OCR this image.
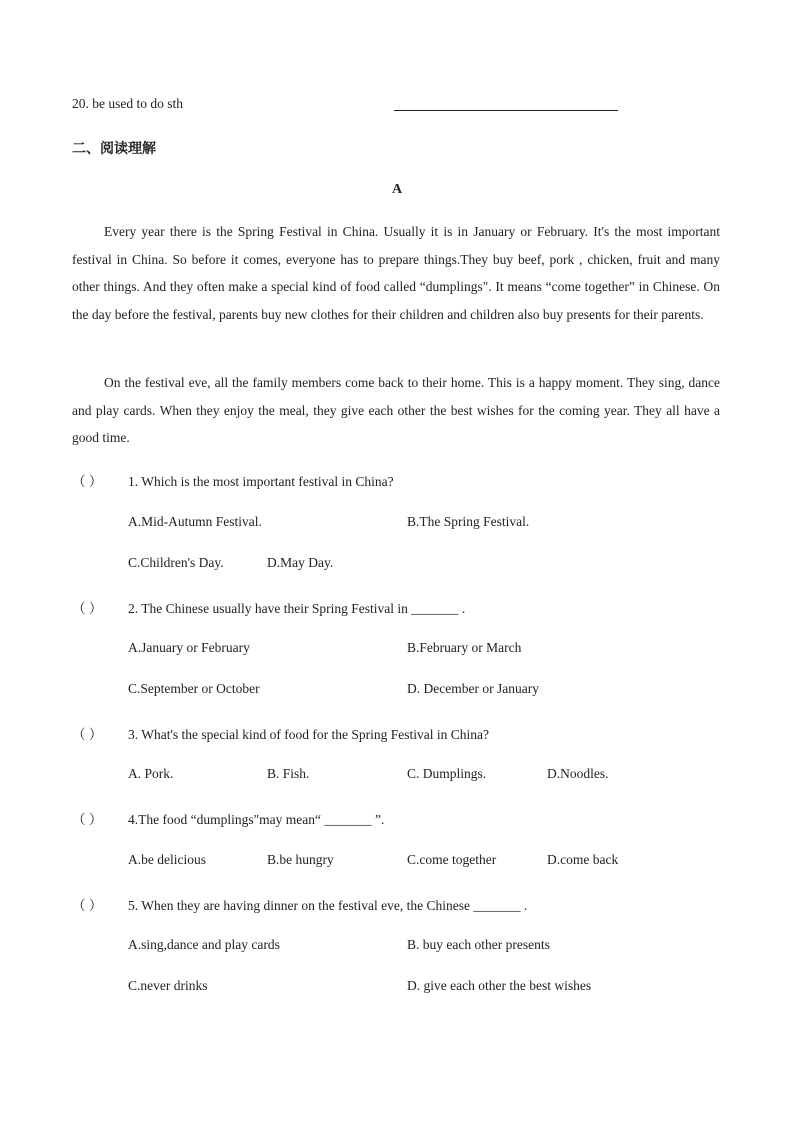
20. be used to do sth
二、阅读理解
A

Every year there is the Spring Festival in China. Usually it is in January or February. It's the most important festival in China. So before it comes, everyone has to prepare things.They buy beef, pork , chicken, fruit and many other things. And they often make a special kind of food called “dumplings". It means “come together” in Chinese. On the day before the festival, parents buy new clothes for their children and children also buy presents for their parents.

On the festival eve, all the family members come back to their home. This is a happy moment. They sing, dance and play cards. When they enjoy the meal, they give each other the best wishes for the coming year. They all have a good time.

（ ） 1. Which is the most important festival in China?
A.Mid-Autumn Festival.	B.The Spring Festival.
C.Children's Day.	D.May Day.
（ ） 2. The Chinese usually have their Spring Festival in _______ .
A.January or February	B.February or March
C.September or October	D. December or January
（ ） 3. What's the special kind of food for the Spring Festival in China?
A. Pork.	B. Fish.	C. Dumplings.	D.Noodles.
（ ） 4.The food “dumplings"may mean“ _______ ”.
A.be delicious	B.be hungry	C.come together	D.come back
（ ） 5. When they are having dinner on the festival eve, the Chinese _______ .
A.sing,dance and play cards	B. buy each other presents
C.never drinks	D. give each other the best wishes
